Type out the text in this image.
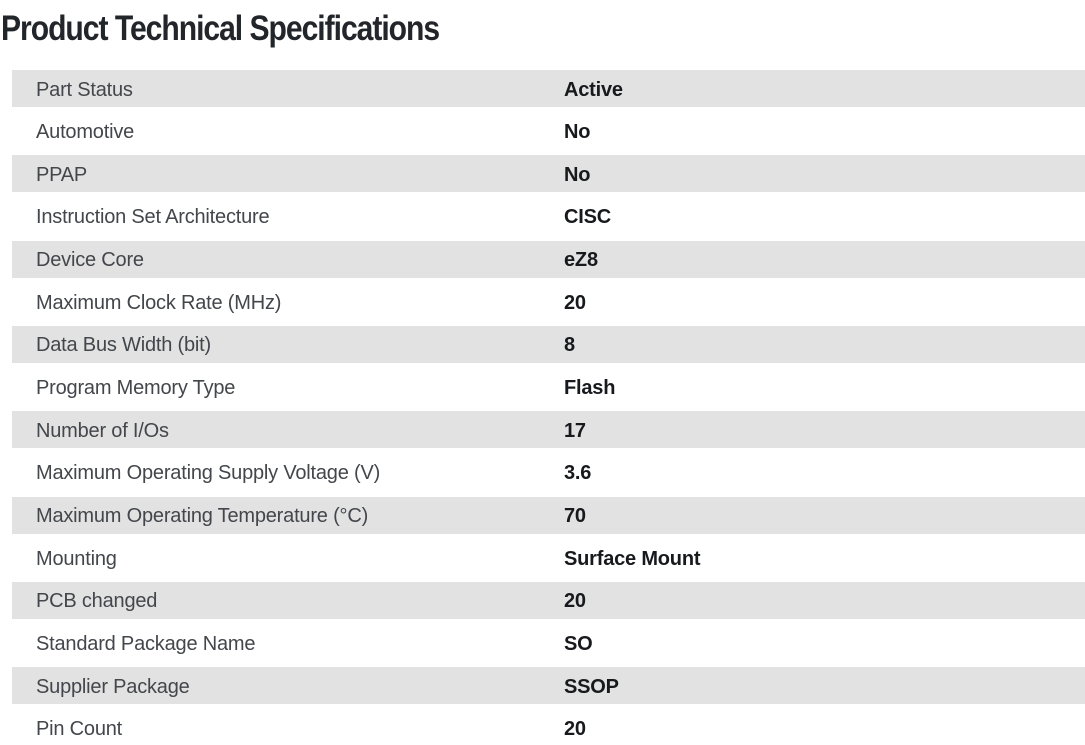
Product Technical Specifications
Part Status	Active
Automotive	No
PPAP	No
Instruction Set Architecture	CISC
Device Core	eZ8
Maximum Clock Rate (MHz)	20
Data Bus Width (bit)	8
Program Memory Type	Flash
Number of I/Os	17
Maximum Operating Supply Voltage (V)	3.6
Maximum Operating Temperature (°C)	70
Mounting	Surface Mount
PCB changed	20
Standard Package Name	SO
Supplier Package	SSOP
Pin Count	20
